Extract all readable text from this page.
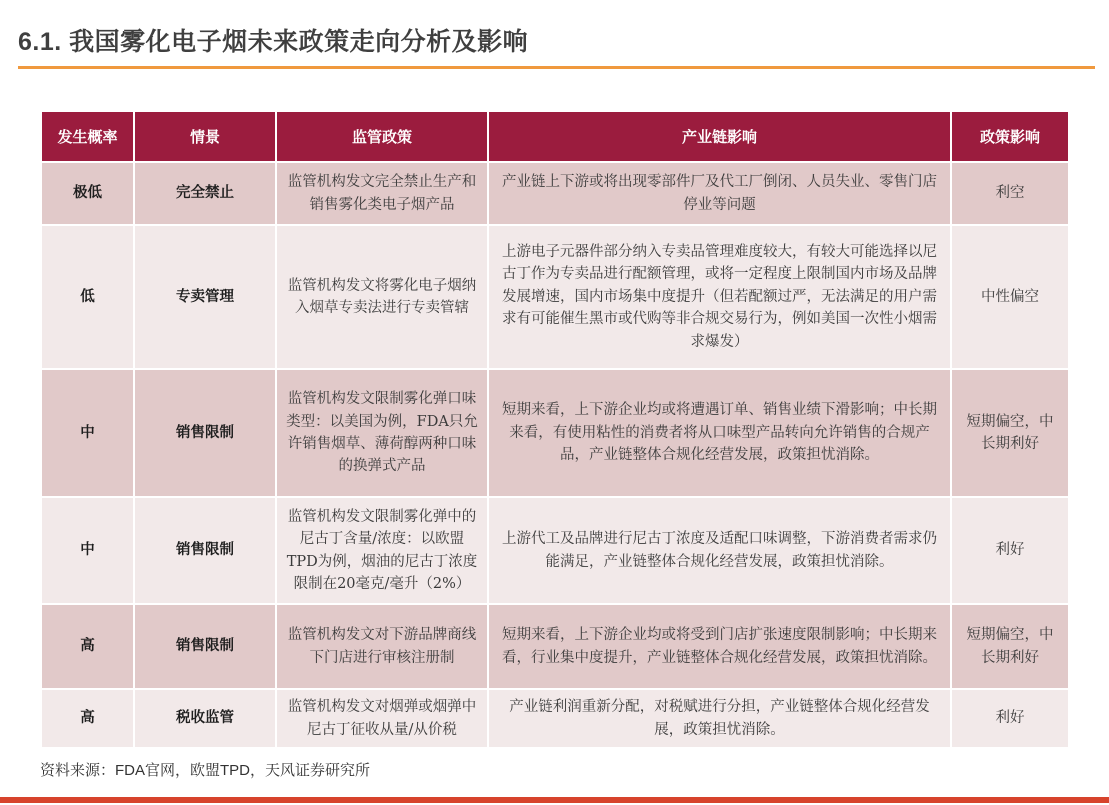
6.1. 我国雾化电子烟未来政策走向分析及影响
发生概率	情景	监管政策	产业链影响	政策影响
极低	完全禁止	监管机构发文完全禁止生产和销售雾化类电子烟产品	产业链上下游或将出现零部件厂及代工厂倒闭、人员失业、零售门店停业等问题	利空
低	专卖管理	监管机构发文将雾化电子烟纳入烟草专卖法进行专卖管辖	上游电子元器件部分纳入专卖品管理难度较大，有较大可能选择以尼古丁作为专卖品进行配额管理，或将一定程度上限制国内市场及品牌发展增速，国内市场集中度提升（但若配额过严，无法满足的用户需求有可能催生黑市或代购等非合规交易行为，例如美国一次性小烟需求爆发）	中性偏空
中	销售限制	监管机构发文限制雾化弹口味类型：以美国为例，FDA只允许销售烟草、薄荷醇两种口味的换弹式产品	短期来看，上下游企业均或将遭遇订单、销售业绩下滑影响；中长期来看，有使用粘性的消费者将从口味型产品转向允许销售的合规产品，产业链整体合规化经营发展，政策担忧消除。	短期偏空，中长期利好
中	销售限制	监管机构发文限制雾化弹中的尼古丁含量/浓度：以欧盟TPD为例，烟油的尼古丁浓度限制在20毫克/毫升（2%）	上游代工及品牌进行尼古丁浓度及适配口味调整，下游消费者需求仍能满足，产业链整体合规化经营发展，政策担忧消除。	利好
高	销售限制	监管机构发文对下游品牌商线下门店进行审核注册制	短期来看，上下游企业均或将受到门店扩张速度限制影响；中长期来看，行业集中度提升，产业链整体合规化经营发展，政策担忧消除。	短期偏空，中长期利好
高	税收监管	监管机构发文对烟弹或烟弹中尼古丁征收从量/从价税	产业链利润重新分配，对税赋进行分担，产业链整体合规化经营发展，政策担忧消除。	利好
资料来源：FDA官网，欧盟TPD，天风证券研究所
